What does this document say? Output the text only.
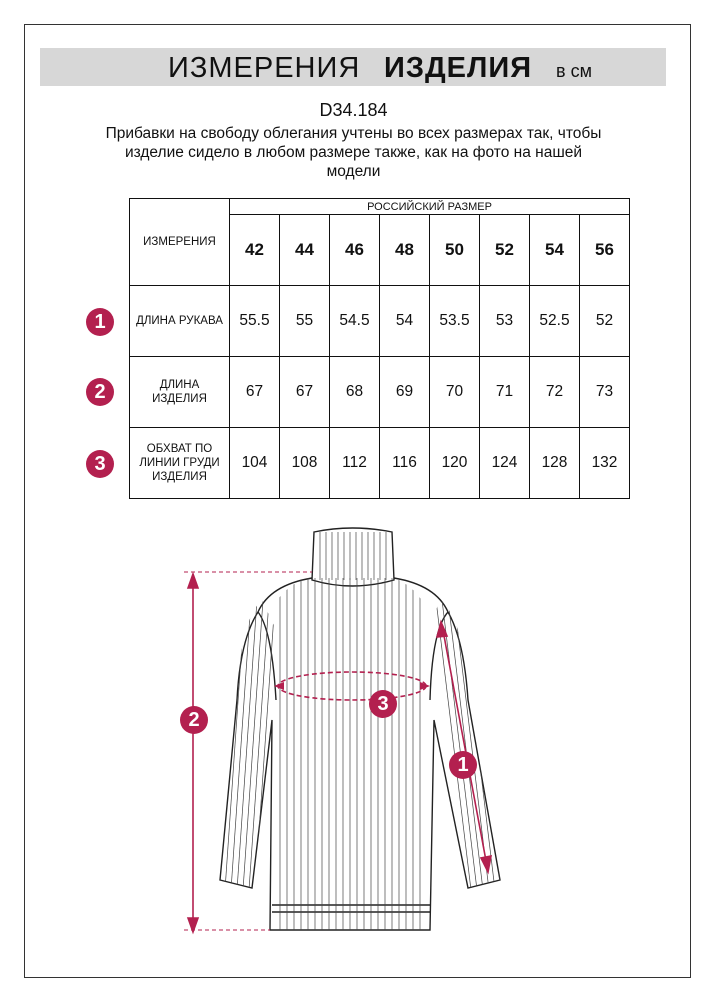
ИЗМЕРЕНИЯ ИЗДЕЛИЯ в см
D34.184
Прибавки на свободу облегания учтены во всех размерах так, чтобы изделие сидело в любом размере также, как на фото на нашей модели
ИЗМЕРЕНИЯ	РОССИЙСКИЙ РАЗМЕР							
	42	44	46	48	50	52	54	56
ДЛИНА РУКАВА	55.5	55	54.5	54	53.5	53	52.5	52
ДЛИНА
ИЗДЕЛИЯ	67	67	68	69	70	71	72	73
ОБХВАТ ПО
ЛИНИИ ГРУДИ
ИЗДЕЛИЯ	104	108	112	116	120	124	128	132
1
2
3
2
3
1
